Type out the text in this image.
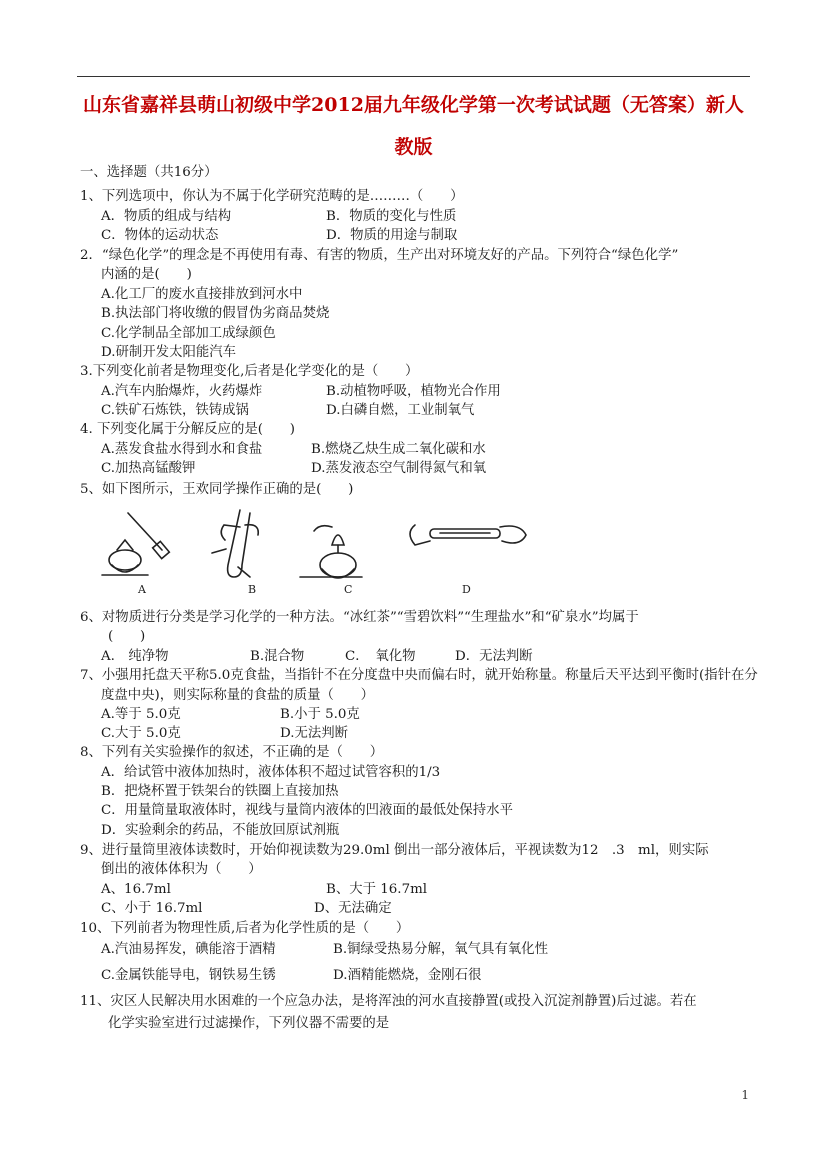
山东省嘉祥县萌山初级中学2012届九年级化学第一次考试试题（无答案）新人
教版
一、选择题（共16分）
1、下列选项中，你认为不属于化学研究范畴的是………（　　）
A．物质的组成与结构	B．物质的变化与性质
C．物体的运动状态	D．物质的用途与制取
2．“绿色化学”的理念是不再使用有毒、有害的物质，生产出对环境友好的产品。下列符合“绿色化学”
内涵的是(　　)
A.化工厂的废水直接排放到河水中
B.执法部门将收缴的假冒伪劣商品焚烧
C.化学制品全部加工成绿颜色
D.研制开发太阳能汽车
3.下列变化前者是物理变化,后者是化学变化的是（　　）
A.汽车内胎爆炸，火药爆炸	B.动植物呼吸，植物光合作用
C.铁矿石炼铁，铁铸成锅	D.白磷自燃，工业制氧气
4. 下列变化属于分解反应的是(　　)
A.蒸发食盐水得到水和食盐	B.燃烧乙炔生成二氧化碳和水
C.加热高锰酸钾	D.蒸发液态空气制得氮气和氧
5、如下图所示，王欢同学操作正确的是(　　)
A	B	C	D
6、对物质进行分类是学习化学的一种方法。“冰红茶”“雪碧饮料”“生理盐水”和“矿泉水”均属于
(　　)
A.　纯净物	B.混合物	C．　氧化物	D．无法判断
7、小强用托盘天平称5.0克食盐，当指针不在分度盘中央而偏右时，就开始称量。称量后天平达到平衡时(指针在分
度盘中央)，则实际称量的食盐的质量（　　）
A.等于 5.0克	B.小于 5.0克
C.大于 5.0克	D.无法判断
8、下列有关实验操作的叙述，不正确的是（　　）
A．给试管中液体加热时，液体体积不超过试管容积的1/3
B．把烧杯置于铁架台的铁圈上直接加热
C．用量筒量取液体时，视线与量筒内液体的凹液面的最低处保持水平
D．实验剩余的药品，不能放回原试剂瓶
9、进行量筒里液体读数时，开始仰视读数为29.0ml 倒出一部分液体后，平视读数为12　.3　ml，则实际
倒出的液体体积为（　　）
A、16.7ml	B、大于 16.7ml
C、小于 16.7ml	D、无法确定
10、下列前者为物理性质,后者为化学性质的是（　　）
A.汽油易挥发，碘能溶于酒精	B.铜绿受热易分解，氧气具有氧化性
C.金属铁能导电，钢铁易生锈	D.酒精能燃烧，金刚石很
11、灾区人民解决用水困难的一个应急办法，是将浑浊的河水直接静置(或投入沉淀剂静置)后过滤。若在
化学实验室进行过滤操作，下列仪器不需要的是
1
